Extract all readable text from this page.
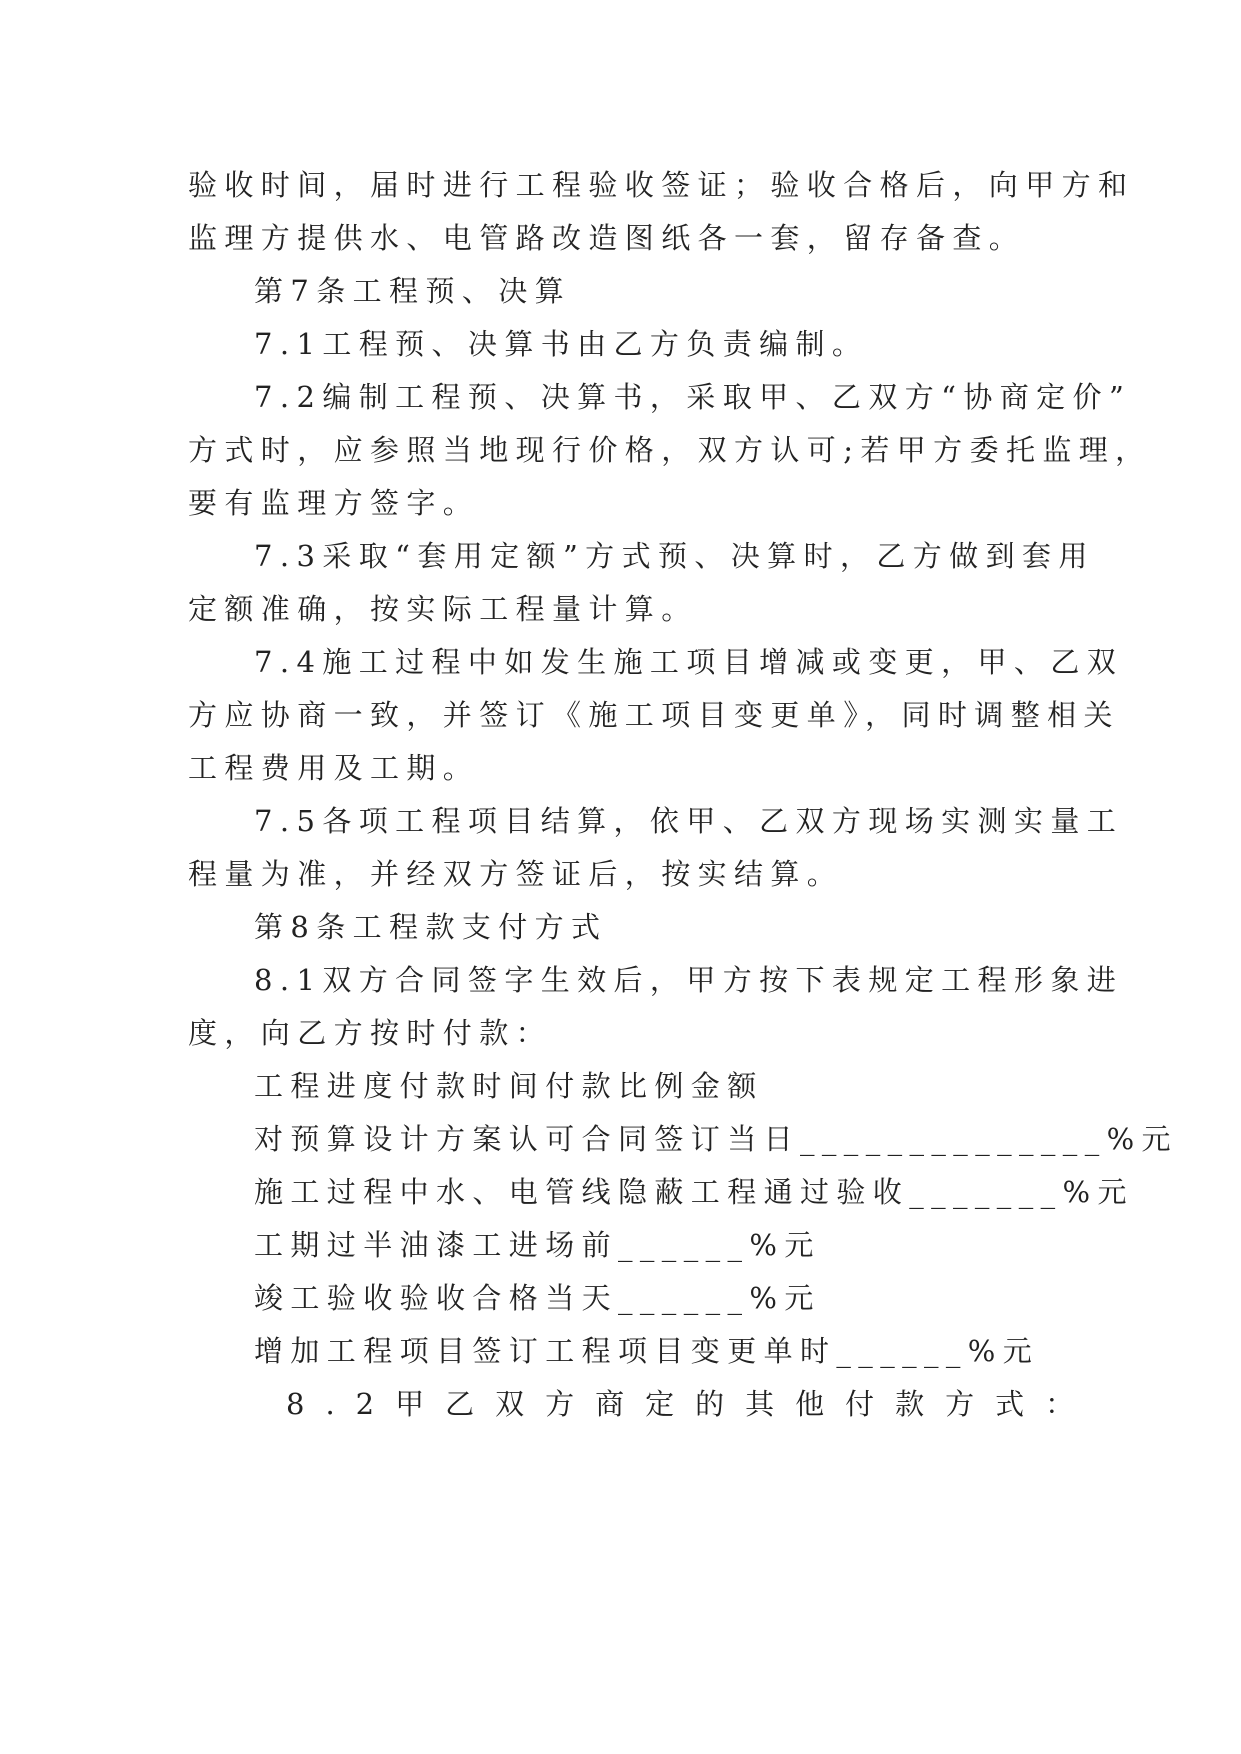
验收时间，届时进行工程验收签证；验收合格后，向甲方和
监理方提供水、电管路改造图纸各一套，留存备查。
第7条工程预、决算
7.1工程预、决算书由乙方负责编制。
7.2编制工程预、决算书，采取甲、乙双方“协商定价”
方式时，应参照当地现行价格，双方认可;若甲方委托监理，
要有监理方签字。
7.3采取“套用定额”方式预、决算时，乙方做到套用
定额准确，按实际工程量计算。
7.4施工过程中如发生施工项目增减或变更，甲、乙双
方应协商一致，并签订《施工项目变更单》，同时调整相关
工程费用及工期。
7.5各项工程项目结算，依甲、乙双方现场实测实量工
程量为准，并经双方签证后，按实结算。
第8条工程款支付方式
8.1双方合同签字生效后，甲方按下表规定工程形象进
度，向乙方按时付款：
工程进度付款时间付款比例金额
对预算设计方案认可合同签订当日______________%元
施工过程中水、电管线隐蔽工程通过验收_______%元
工期过半油漆工进场前______%元
竣工验收验收合格当天______%元
增加工程项目签订工程项目变更单时______%元
8.2甲乙双方商定的其他付款方式：
